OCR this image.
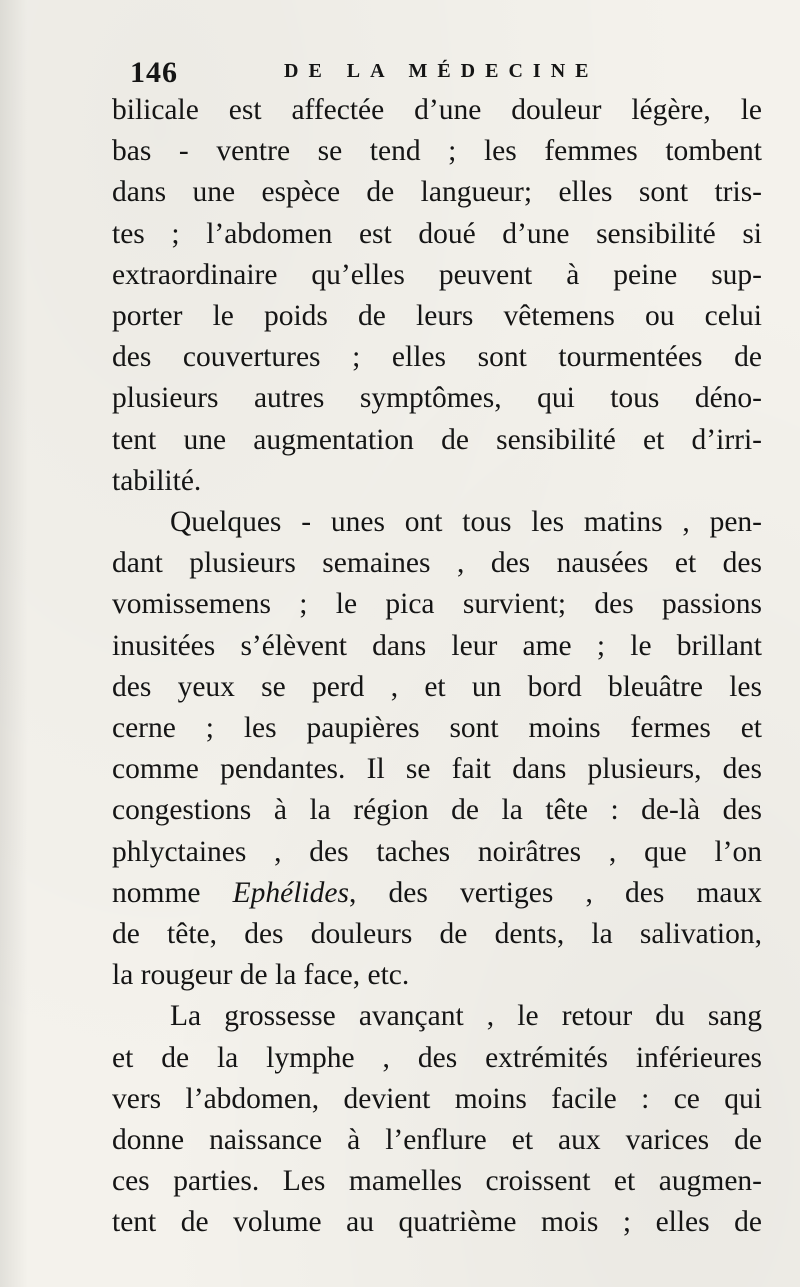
146	DE LA MÉDECINE

bilicale est affectée d’une douleur légère, le
bas - ventre se tend ; les femmes tombent
dans une espèce de langueur; elles sont tris-
tes ; l’abdomen est doué d’une sensibilité si
extraordinaire qu’elles peuvent à peine sup-
porter le poids de leurs vêtemens ou celui
des couvertures ; elles sont tourmentées de
plusieurs autres symptômes, qui tous déno-
tent une augmentation de sensibilité et d’irri-
tabilité.

Quelques - unes ont tous les matins , pen-
dant plusieurs semaines , des nausées et des
vomissemens ; le pica survient; des passions
inusitées s’élèvent dans leur ame ; le brillant
des yeux se perd , et un bord bleuâtre les
cerne ; les paupières sont moins fermes et
comme pendantes. Il se fait dans plusieurs, des
congestions à la région de la tête : de-là des
phlyctaines , des taches noirâtres , que l’on
nomme Ephélides, des vertiges , des maux
de tête, des douleurs de dents, la salivation,
la rougeur de la face, etc.

La grossesse avançant , le retour du sang
et de la lymphe , des extrémités inférieures
vers l’abdomen, devient moins facile : ce qui
donne naissance à l’enflure et aux varices de
ces parties. Les mamelles croissent et augmen-
tent de volume au quatrième mois ; elles de
